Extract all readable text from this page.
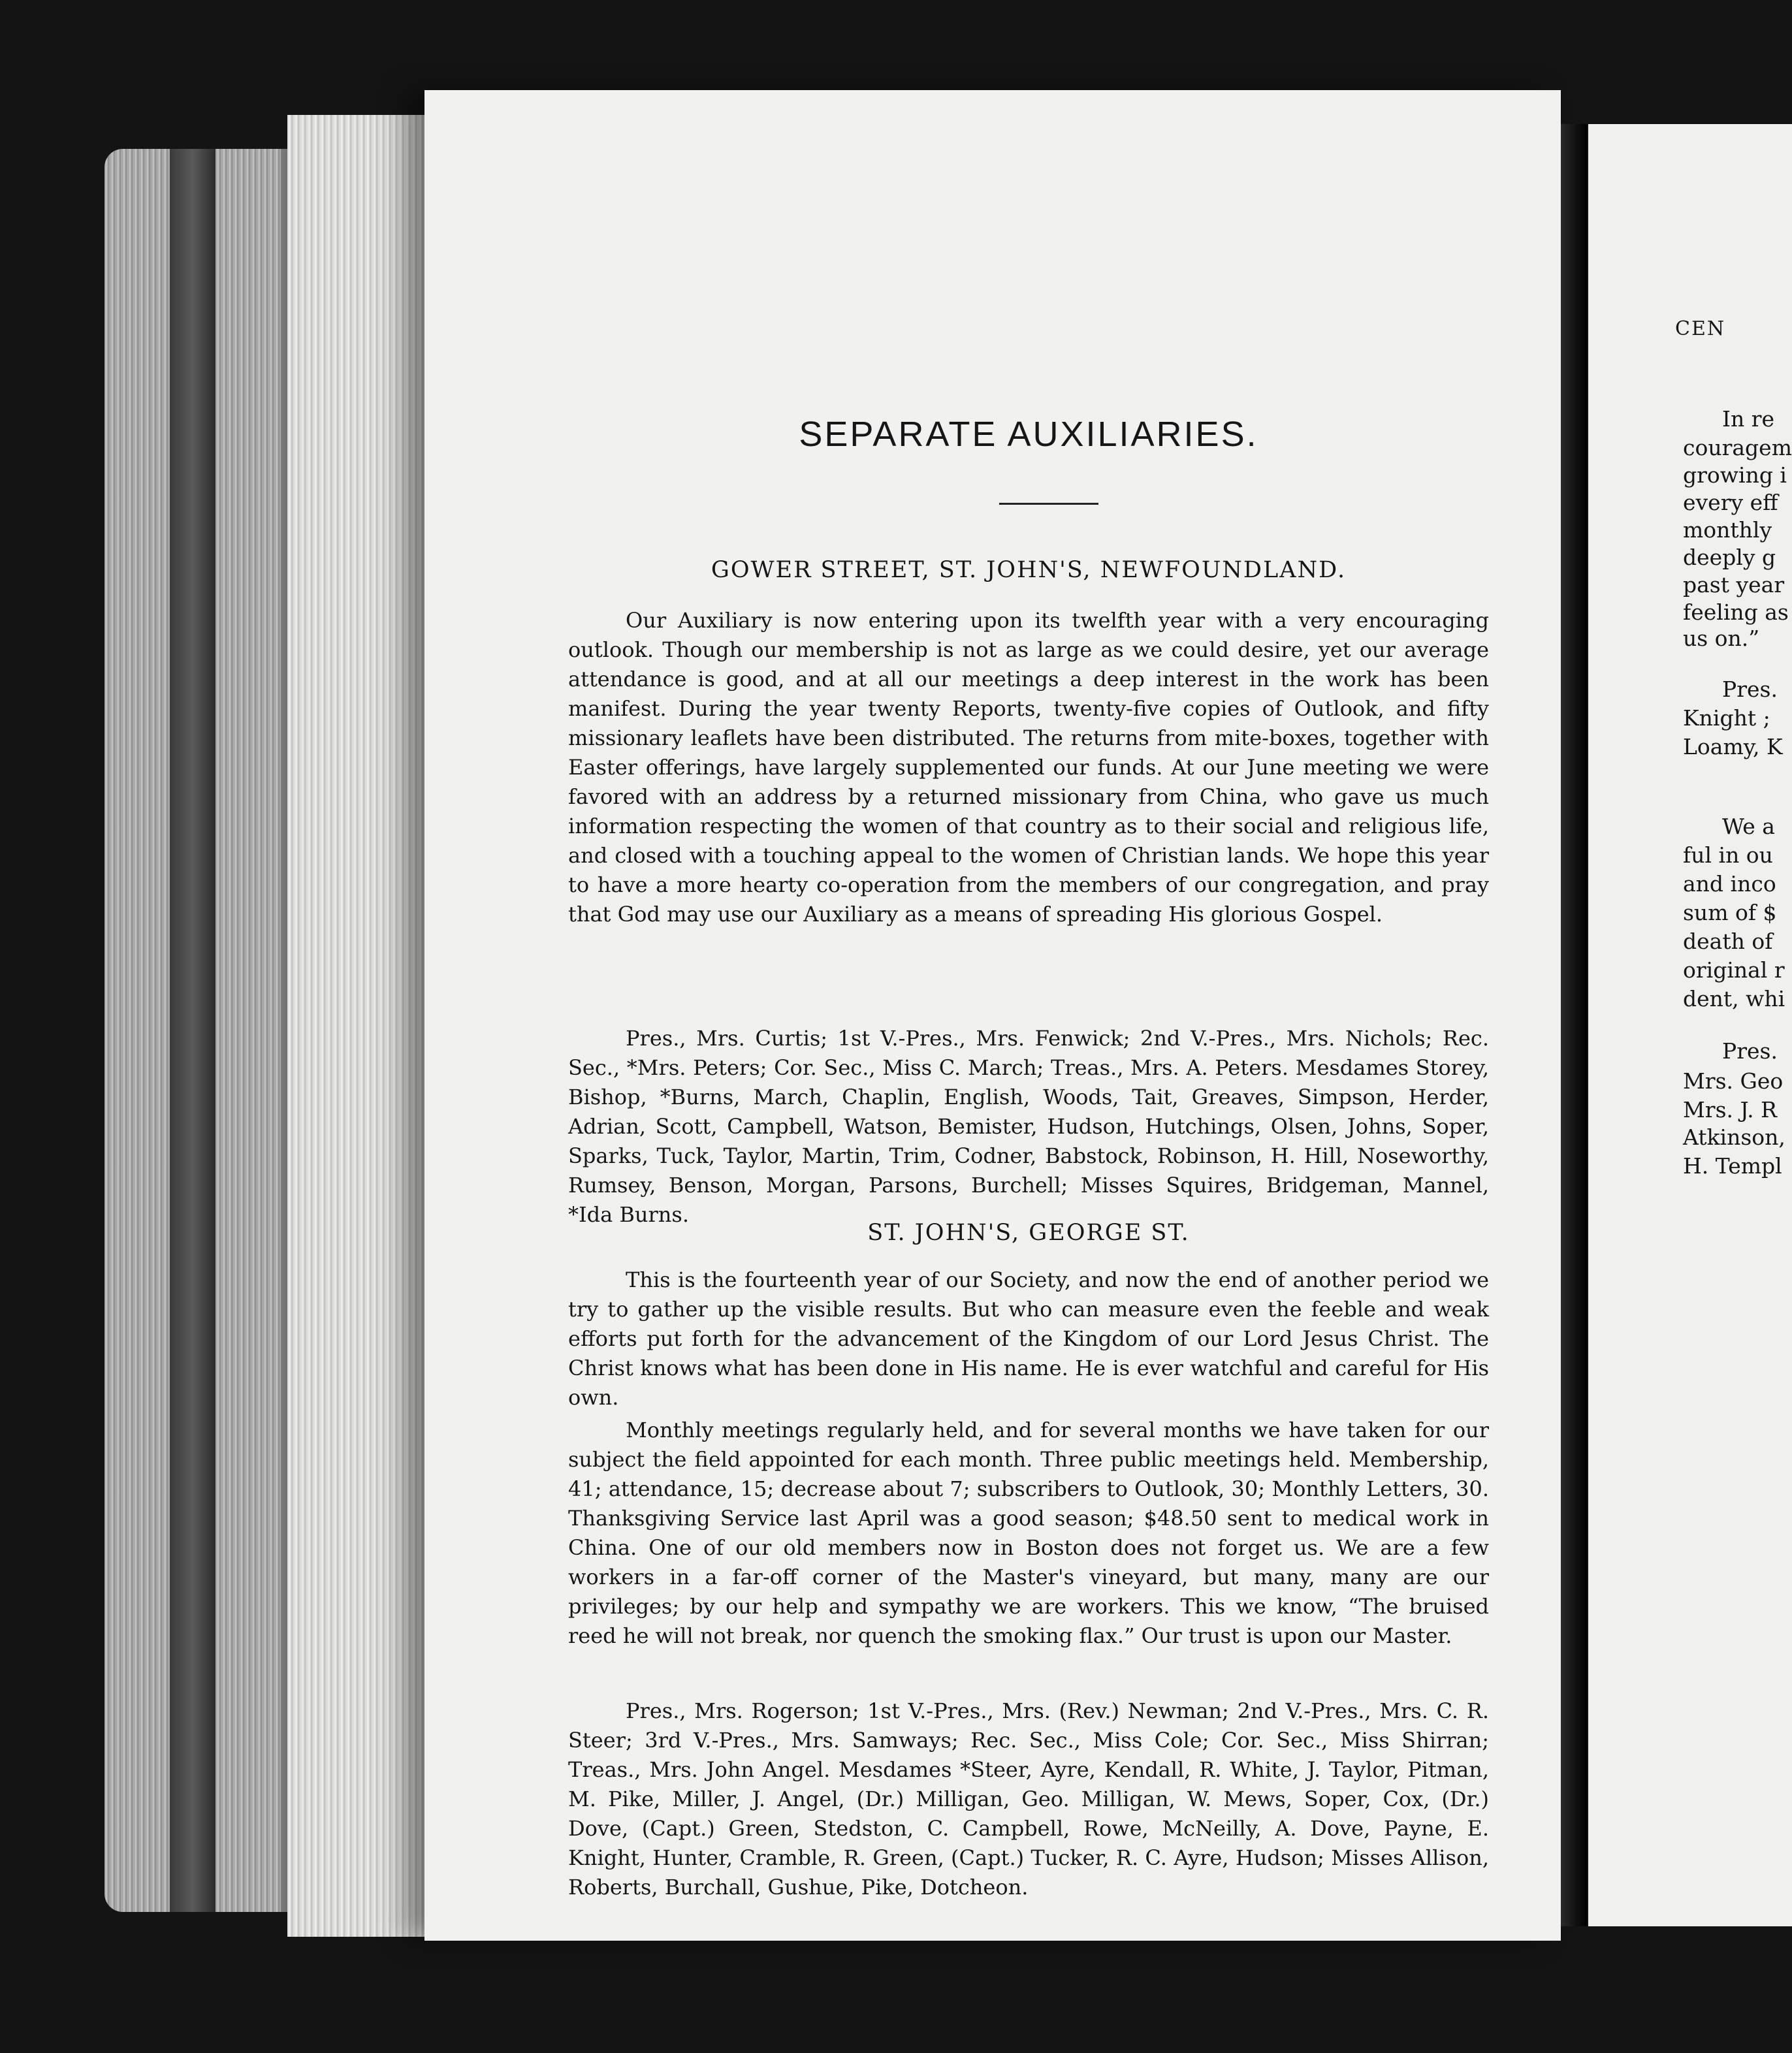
SEPARATE AUXILIARIES.
GOWER STREET, ST. JOHN'S, NEWFOUNDLAND.

Our Auxiliary is now entering upon its twelfth year with a very encouraging outlook. Though our membership is not as large as we could desire, yet our average attendance is good, and at all our meetings a deep interest in the work has been manifest. During the year twenty Reports, twenty-five copies of Outlook, and fifty missionary leaflets have been distributed. The returns from mite-boxes, together with Easter offerings, have largely supplemented our funds. At our June meeting we were favored with an address by a returned missionary from China, who gave us much information respecting the women of that country as to their social and religious life, and closed with a touching appeal to the women of Christian lands. We hope this year to have a more hearty co-operation from the members of our congregation, and pray that God may use our Auxiliary as a means of spreading His glorious Gospel.

Pres., Mrs. Curtis; 1st V.-Pres., Mrs. Fenwick; 2nd V.-Pres., Mrs. Nichols; Rec. Sec., *Mrs. Peters; Cor. Sec., Miss C. March; Treas., Mrs. A. Peters. Mesdames Storey, Bishop, *Burns, March, Chaplin, English, Woods, Tait, Greaves, Simpson, Herder, Adrian, Scott, Campbell, Watson, Bemister, Hudson, Hutchings, Olsen, Johns, Soper, Sparks, Tuck, Taylor, Martin, Trim, Codner, Babstock, Robinson, H. Hill, Noseworthy, Rumsey, Benson, Morgan, Parsons, Burchell; Misses Squires, Bridgeman, Mannel, *Ida Burns.

ST. JOHN'S, GEORGE ST.

This is the fourteenth year of our Society, and now the end of another period we try to gather up the visible results. But who can measure even the feeble and weak efforts put forth for the advancement of the Kingdom of our Lord Jesus Christ. The Christ knows what has been done in His name. He is ever watchful and careful for His own.

Monthly meetings regularly held, and for several months we have taken for our subject the field appointed for each month. Three public meetings held. Membership, 41; attendance, 15; decrease about 7; subscribers to Outlook, 30; Monthly Letters, 30. Thanksgiving Service last April was a good season; $48.50 sent to medical work in China. One of our old members now in Boston does not forget us. We are a few workers in a far-off corner of the Master's vineyard, but many, many are our privileges; by our help and sympathy we are workers. This we know, “The bruised reed he will not break, nor quench the smoking flax.” Our trust is upon our Master.

Pres., Mrs. Rogerson; 1st V.-Pres., Mrs. (Rev.) Newman; 2nd V.-Pres., Mrs. C. R. Steer; 3rd V.-Pres., Mrs. Samways; Rec. Sec., Miss Cole; Cor. Sec., Miss Shirran; Treas., Mrs. John Angel. Mesdames *Steer, Ayre, Kendall, R. White, J. Taylor, Pitman, M. Pike, Miller, J. Angel, (Dr.) Milligan, Geo. Milligan, W. Mews, Soper, Cox, (Dr.) Dove, (Capt.) Green, Stedston, C. Campbell, Rowe, McNeilly, A. Dove, Payne, E. Knight, Hunter, Cramble, R. Green, (Capt.) Tucker, R. C. Ayre, Hudson; Misses Allison, Roberts, Burchall, Gushue, Pike, Dotcheon.

CEN
In re
couragem
growing i
every eff
monthly
deeply g
past year
feeling as
us on.”
Pres.
Knight ;
Loamy, K
We a
ful in ou
and inco
sum of $
death of
original r
dent, whi
Pres.
Mrs. Geo
Mrs. J. R
Atkinson,
H. Templ
